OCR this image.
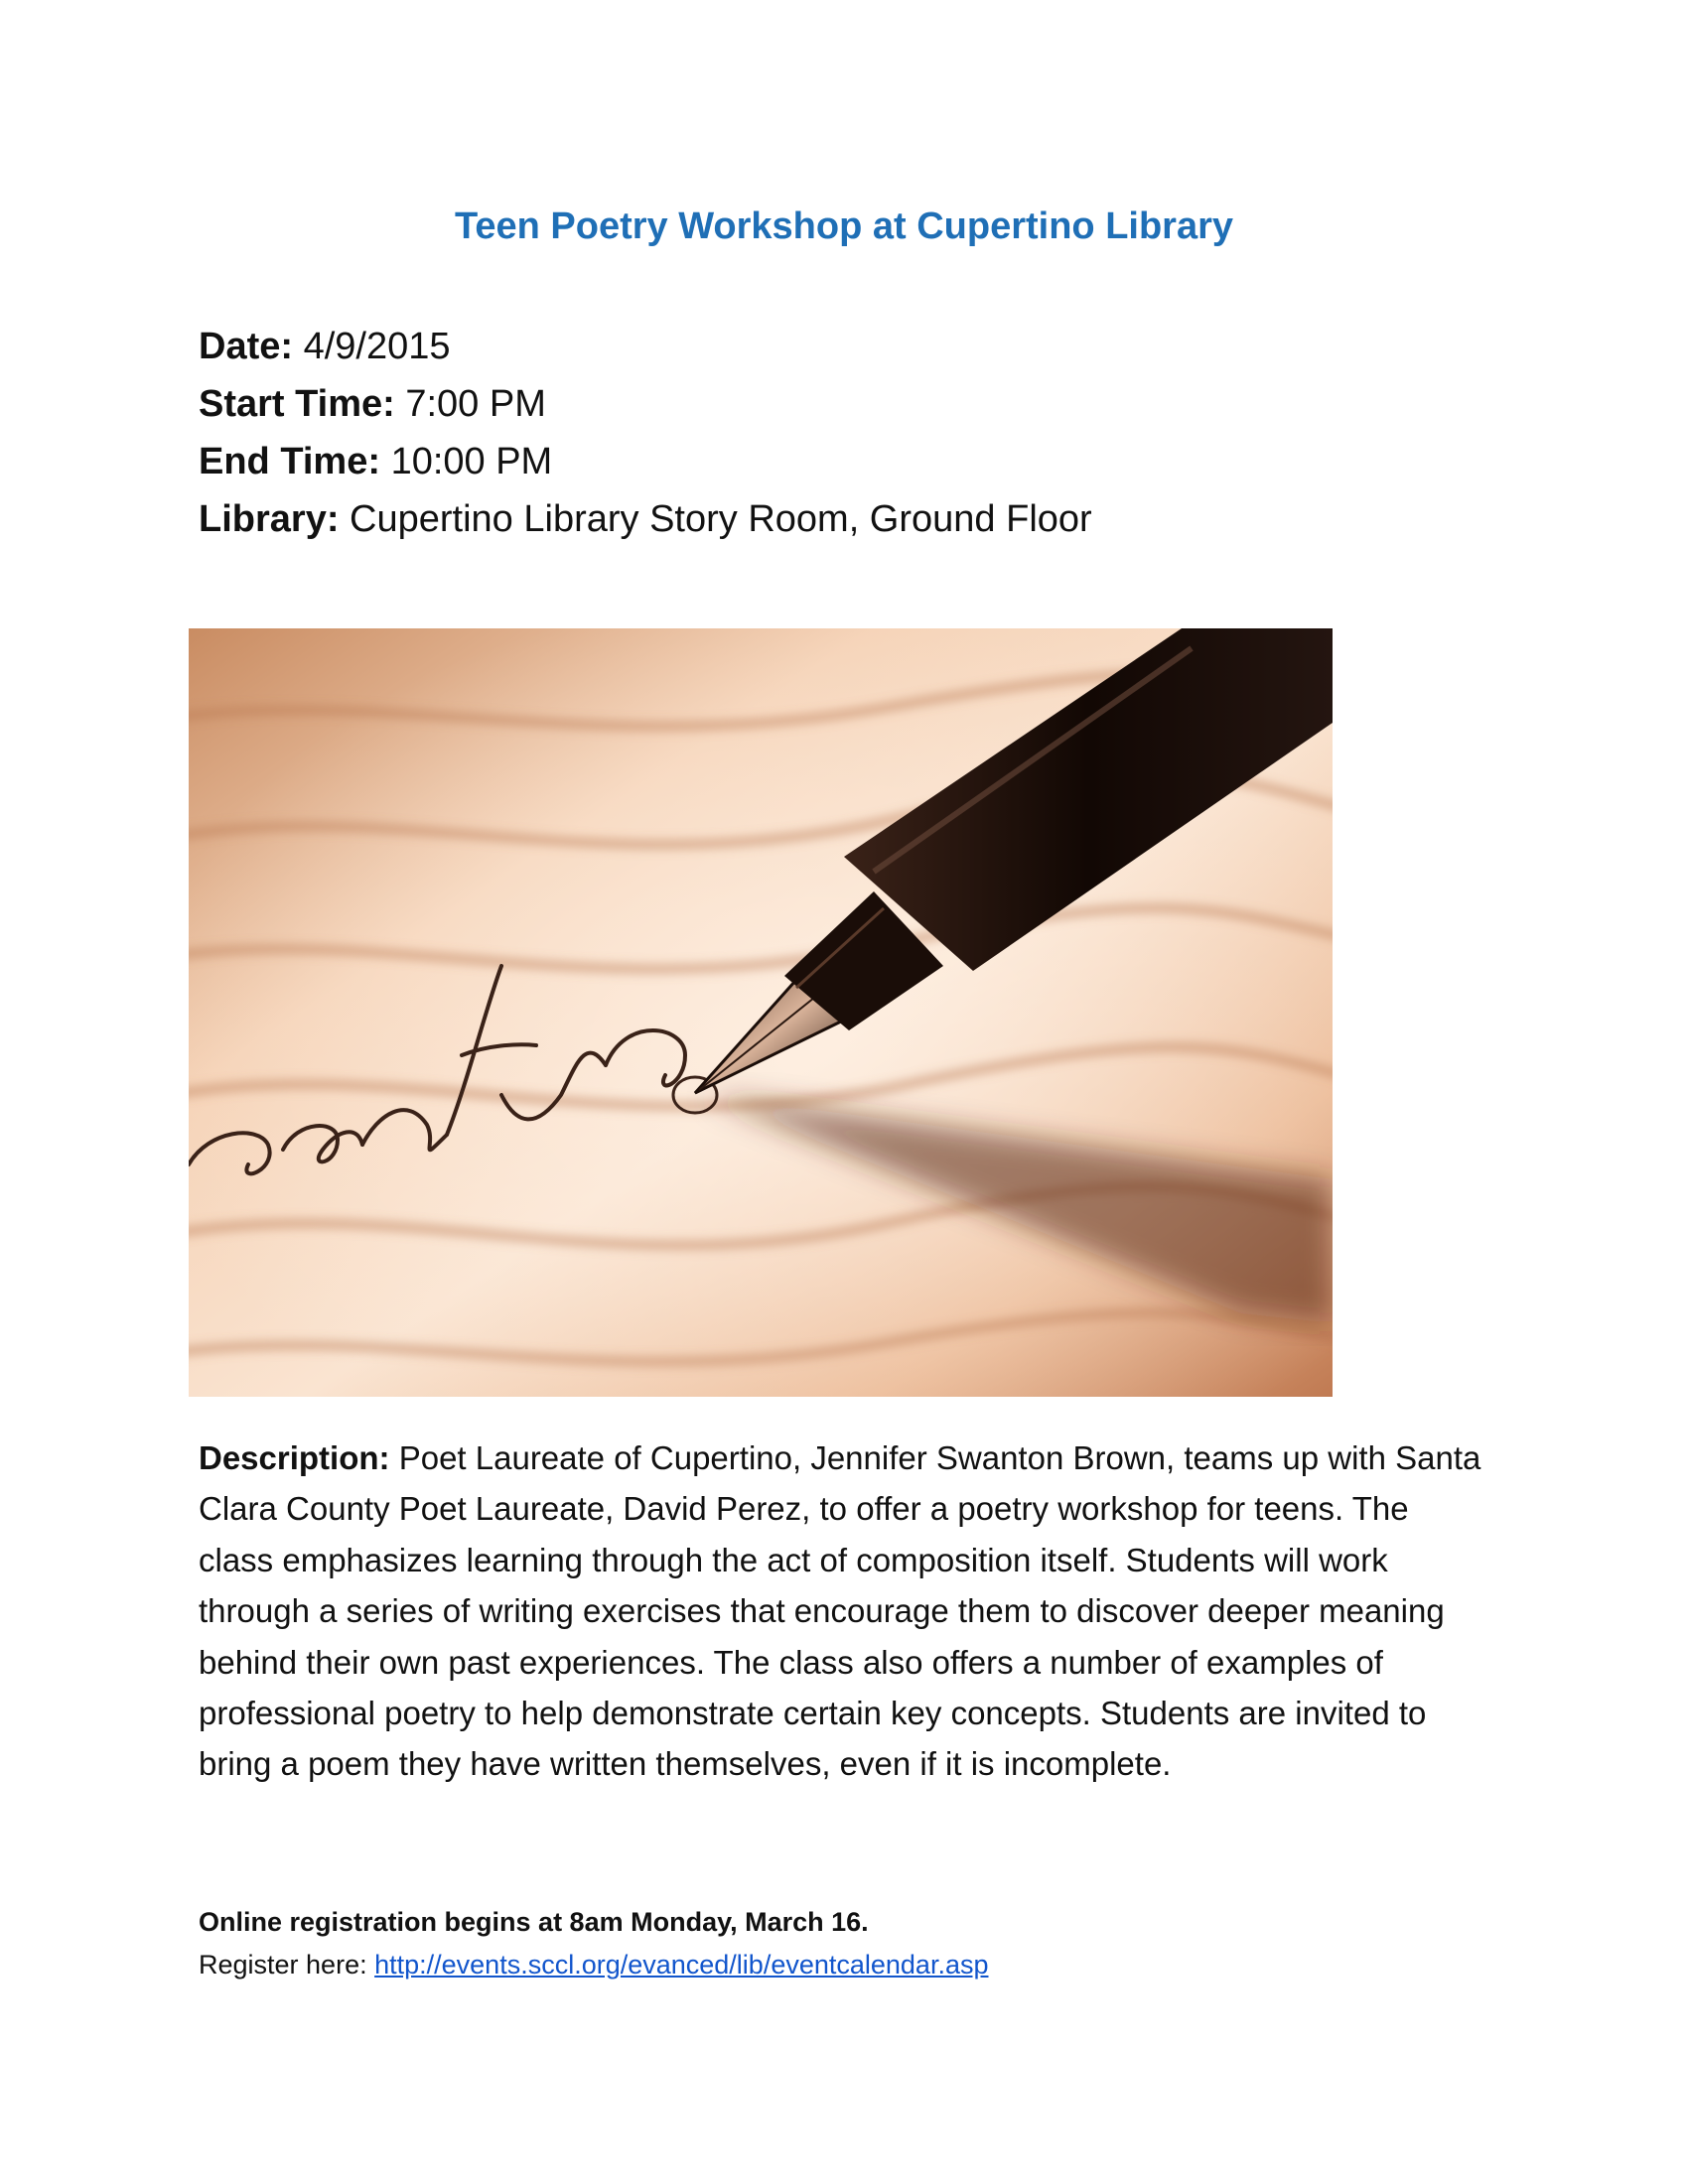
Teen Poetry Workshop at Cupertino Library
Date: 4/9/2015
Start Time: 7:00 PM
End Time: 10:00 PM
Library: Cupertino Library Story Room, Ground Floor
Description: Poet Laureate of Cupertino, Jennifer Swanton Brown, teams up with Santa Clara County Poet Laureate, David Perez, to offer a poetry workshop for teens. The class emphasizes learning through the act of composition itself. Students will work through a series of writing exercises that encourage them to discover deeper meaning behind their own past experiences. The class also offers a number of examples of professional poetry to help demonstrate certain key concepts. Students are invited to bring a poem they have written themselves, even if it is incomplete.
Online registration begins at 8am Monday, March 16.
Register here: http://events.sccl.org/evanced/lib/eventcalendar.asp
